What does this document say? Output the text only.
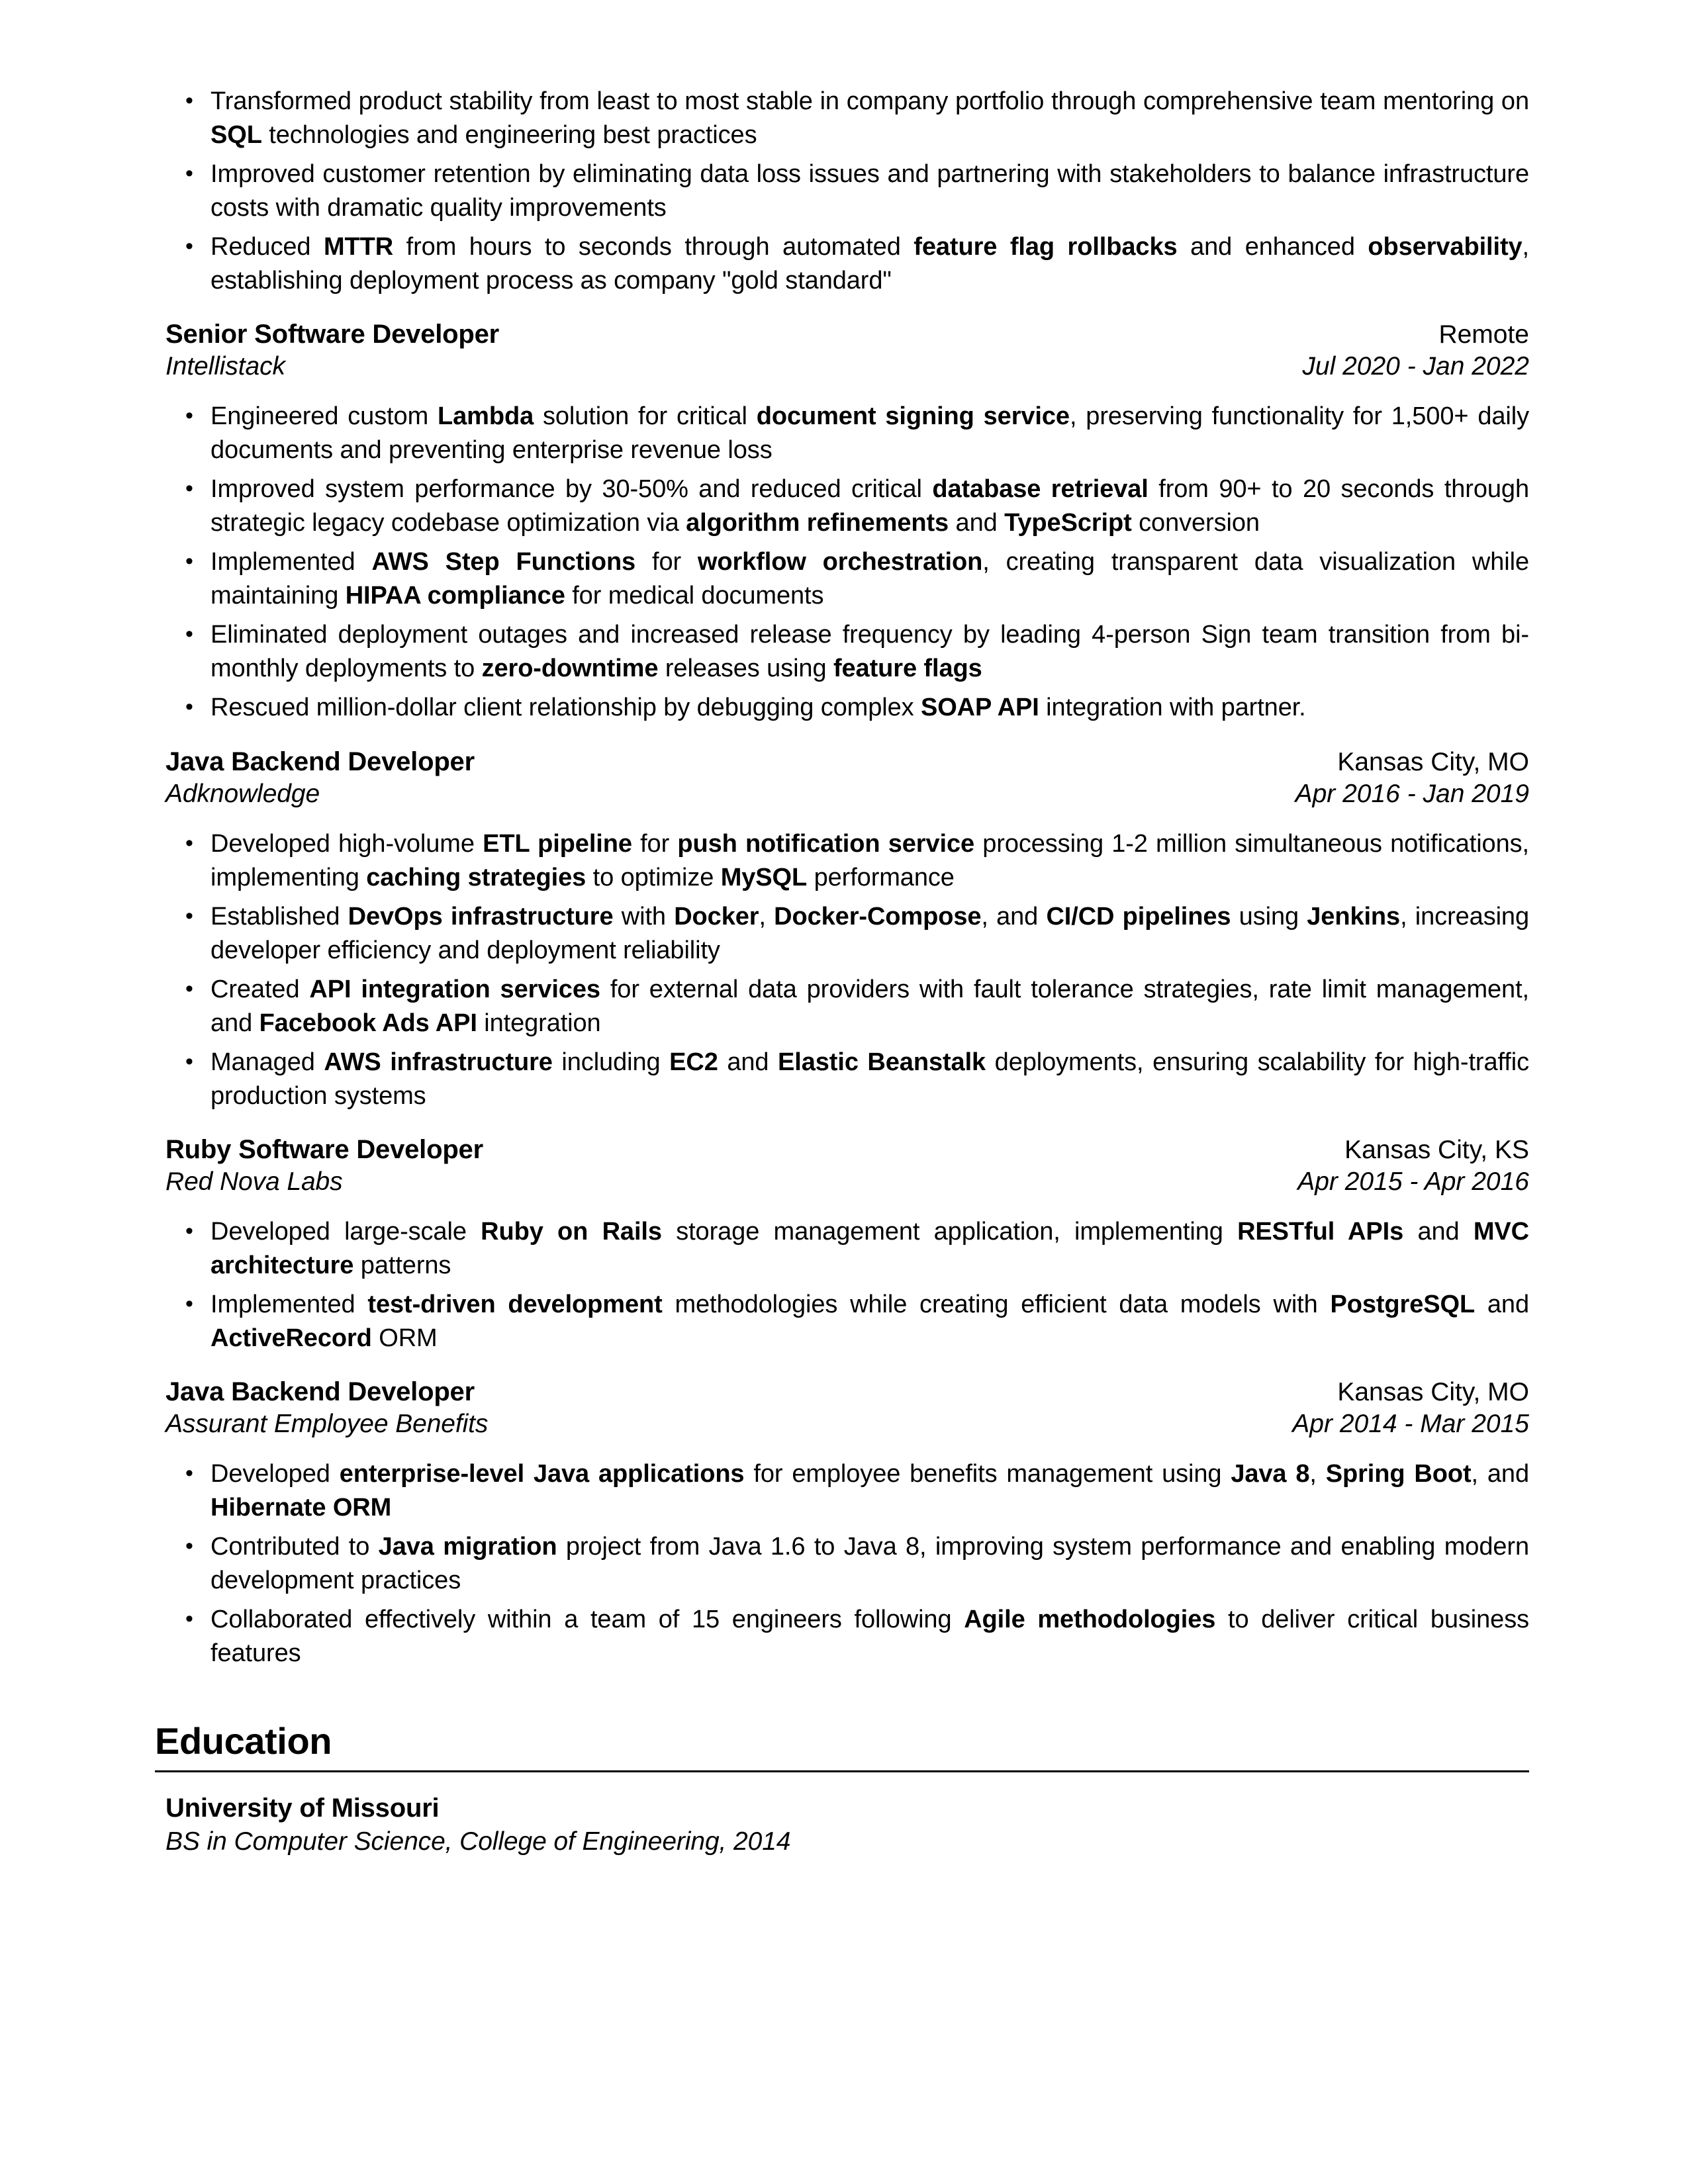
• Transformed product stability from least to most stable in company portfolio through comprehensive team mentoring on SQL technologies and engineering best practices
• Improved customer retention by eliminating data loss issues and partnering with stakeholders to balance infrastructure costs with dramatic quality improvements
• Reduced MTTR from hours to seconds through automated feature flag rollbacks and enhanced observability, establishing deployment process as company "gold standard"
Senior Software Developer	Remote
Intellistack	Jul 2020 - Jan 2022
• Engineered custom Lambda solution for critical document signing service, preserving functionality for 1,500+ daily documents and preventing enterprise revenue loss
• Improved system performance by 30-50% and reduced critical database retrieval from 90+ to 20 seconds through strategic legacy codebase optimization via algorithm refinements and TypeScript conversion
• Implemented AWS Step Functions for workflow orchestration, creating transparent data visualization while maintaining HIPAA compliance for medical documents
• Eliminated deployment outages and increased release frequency by leading 4-person Sign team transition from bi-monthly deployments to zero-downtime releases using feature flags
• Rescued million-dollar client relationship by debugging complex SOAP API integration with partner.
Java Backend Developer	Kansas City, MO
Adknowledge	Apr 2016 - Jan 2019
• Developed high-volume ETL pipeline for push notification service processing 1-2 million simultaneous notifications, implementing caching strategies to optimize MySQL performance
• Established DevOps infrastructure with Docker, Docker-Compose, and CI/CD pipelines using Jenkins, increasing developer efficiency and deployment reliability
• Created API integration services for external data providers with fault tolerance strategies, rate limit management, and Facebook Ads API integration
• Managed AWS infrastructure including EC2 and Elastic Beanstalk deployments, ensuring scalability for high-traffic production systems
Ruby Software Developer	Kansas City, KS
Red Nova Labs	Apr 2015 - Apr 2016
• Developed large-scale Ruby on Rails storage management application, implementing RESTful APIs and MVC architecture patterns
• Implemented test-driven development methodologies while creating efficient data models with PostgreSQL and ActiveRecord ORM
Java Backend Developer	Kansas City, MO
Assurant Employee Benefits	Apr 2014 - Mar 2015
• Developed enterprise-level Java applications for employee benefits management using Java 8, Spring Boot, and Hibernate ORM
• Contributed to Java migration project from Java 1.6 to Java 8, improving system performance and enabling modern development practices
• Collaborated effectively within a team of 15 engineers following Agile methodologies to deliver critical business features
Education
University of Missouri
BS in Computer Science, College of Engineering, 2014
